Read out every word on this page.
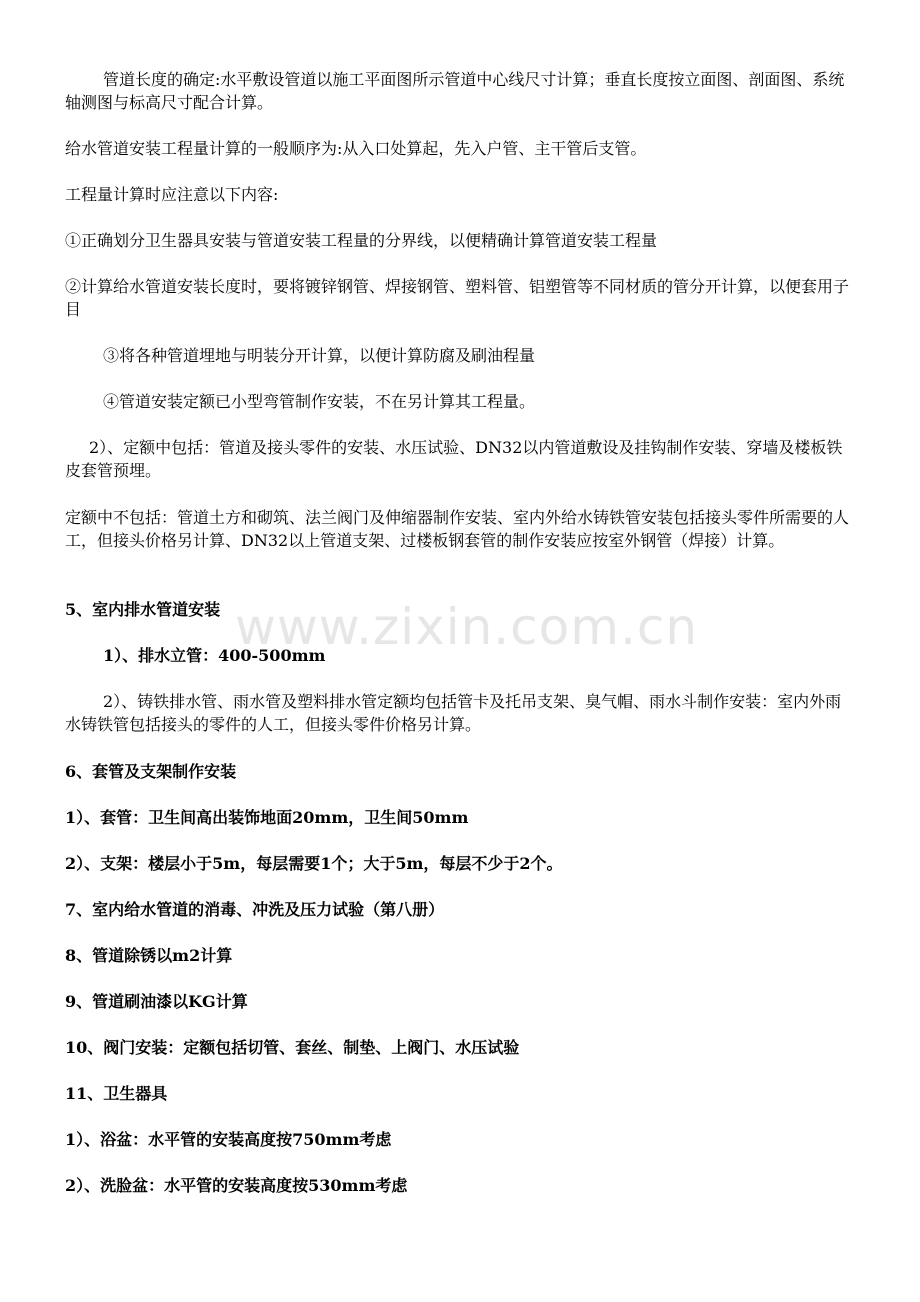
www.zixin.com.cn
管道长度的确定:水平敷设管道以施工平面图所示管道中心线尺寸计算；垂直长度按立面图、剖面图、系统轴测图与标高尺寸配合计算。
给水管道安装工程量计算的一般顺序为:从入口处算起，先入户管、主干管后支管。
工程量计算时应注意以下内容:
①正确划分卫生器具安装与管道安装工程量的分界线，以便精确计算管道安装工程量
②计算给水管道安装长度时，要将镀锌钢管、焊接钢管、塑料管、铝塑管等不同材质的管分开计算，以便套用子目
③将各种管道埋地与明装分开计算，以便计算防腐及刷油程量
④管道安装定额已小型弯管制作安装，不在另计算其工程量。
2）、定额中包括：管道及接头零件的安装、水压试验、DN32以内管道敷设及挂钩制作安装、穿墙及楼板铁皮套管预埋。
定额中不包括：管道土方和砌筑、法兰阀门及伸缩器制作安装、室内外给水铸铁管安装包括接头零件所需要的人工，但接头价格另计算、DN32以上管道支架、过楼板钢套管的制作安装应按室外钢管（焊接）计算。
5、室内排水管道安装
1）、排水立管：400-500mm
2）、铸铁排水管、雨水管及塑料排水管定额均包括管卡及托吊支架、臭气帽、雨水斗制作安装：室内外雨水铸铁管包括接头的零件的人工，但接头零件价格另计算。
6、套管及支架制作安装
1）、套管：卫生间高出装饰地面20mm，卫生间50mm
2）、支架：楼层小于5m，每层需要1个；大于5m，每层不少于2个。
7、室内给水管道的消毒、冲洗及压力试验（第八册）
8、管道除锈以m2计算
9、管道刷油漆以KG计算
10、阀门安装：定额包括切管、套丝、制垫、上阀门、水压试验
11、卫生器具
1）、浴盆：水平管的安装高度按750mm考虑
2）、洗脸盆：水平管的安装高度按530mm考虑
